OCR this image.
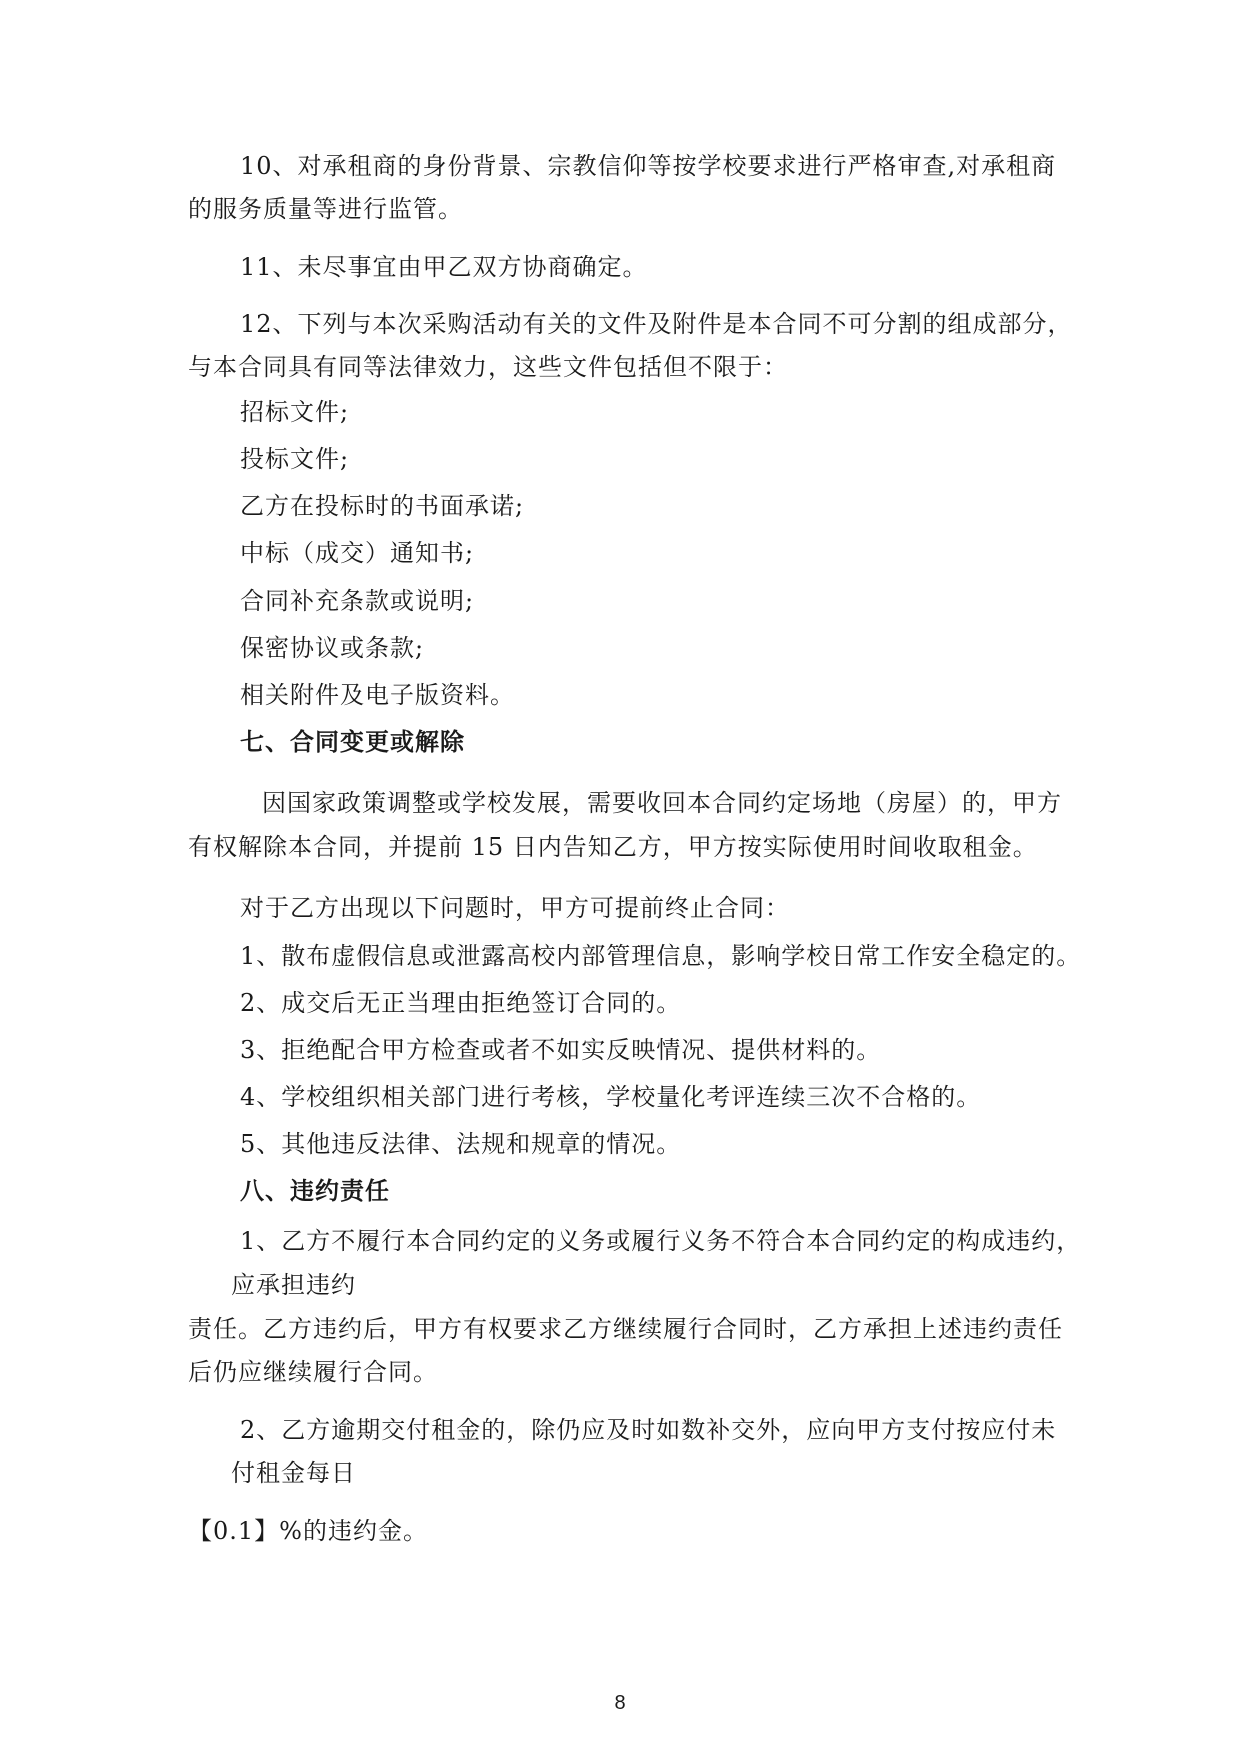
10、对承租商的身份背景、宗教信仰等按学校要求进行严格审查,对承租商
的服务质量等进行监管。
11、未尽事宜由甲乙双方协商确定。
12、下列与本次采购活动有关的文件及附件是本合同不可分割的组成部分，
与本合同具有同等法律效力，这些文件包括但不限于：
招标文件;
投标文件;
乙方在投标时的书面承诺;
中标（成交）通知书;
合同补充条款或说明;
保密协议或条款;
相关附件及电子版资料。
七、合同变更或解除
因国家政策调整或学校发展，需要收回本合同约定场地（房屋）的，甲方
有权解除本合同，并提前 15 日内告知乙方，甲方按实际使用时间收取租金。
对于乙方出现以下问题时，甲方可提前终止合同：
1、散布虚假信息或泄露高校内部管理信息，影响学校日常工作安全稳定的。
2、成交后无正当理由拒绝签订合同的。
3、拒绝配合甲方检查或者不如实反映情况、提供材料的。
4、学校组织相关部门进行考核，学校量化考评连续三次不合格的。
5、其他违反法律、法规和规章的情况。
八、违约责任
1、乙方不履行本合同约定的义务或履行义务不符合本合同约定的构成违约，
应承担违约
责任。乙方违约后，甲方有权要求乙方继续履行合同时，乙方承担上述违约责任
后仍应继续履行合同。
2、乙方逾期交付租金的，除仍应及时如数补交外，应向甲方支付按应付未
付租金每日
【0.1】%的违约金。
8
